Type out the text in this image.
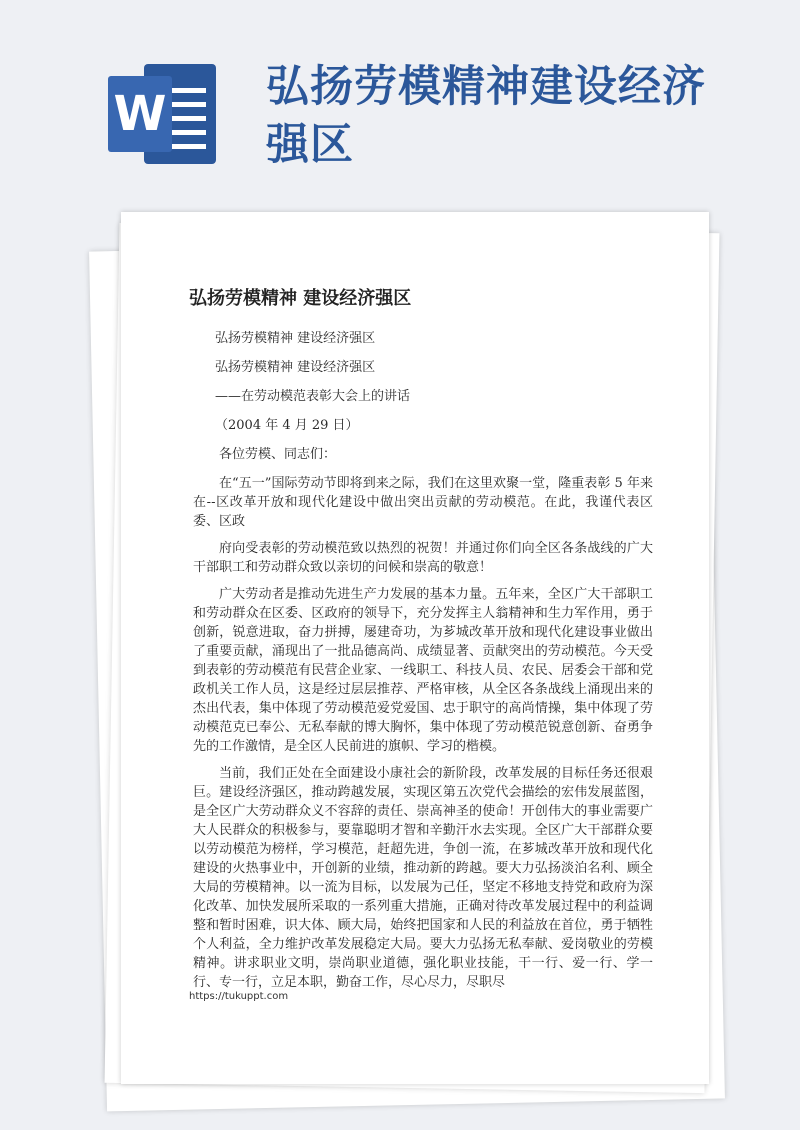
W 弘扬劳模精神建设经济强区
弘扬劳模精神 建设经济强区

弘扬劳模精神 建设经济强区

弘扬劳模精神 建设经济强区

——在劳动模范表彰大会上的讲话

（2004 年 4 月 29 日）

各位劳模、同志们：

在“五一”国际劳动节即将到来之际，我们在这里欢聚一堂，隆重表彰 5 年来在--区改革开放和现代化建设中做出突出贡献的劳动模范。在此，我谨代表区委、区政

府向受表彰的劳动模范致以热烈的祝贺！并通过你们向全区各条战线的广大干部职工和劳动群众致以亲切的问候和崇高的敬意！

广大劳动者是推动先进生产力发展的基本力量。五年来，全区广大干部职工和劳动群众在区委、区政府的领导下，充分发挥主人翁精神和生力军作用，勇于创新，锐意进取，奋力拼搏，屡建奇功，为芗城改革开放和现代化建设事业做出了重要贡献，涌现出了一批品德高尚、成绩显著、贡献突出的劳动模范。今天受到表彰的劳动模范有民营企业家、一线职工、科技人员、农民、居委会干部和党政机关工作人员，这是经过层层推荐、严格审核，从全区各条战线上涌现出来的杰出代表，集中体现了劳动模范爱党爱国、忠于职守的高尚情操，集中体现了劳动模范克已奉公、无私奉献的博大胸怀，集中体现了劳动模范锐意创新、奋勇争先的工作激情，是全区人民前进的旗帜、学习的楷模。

当前，我们正处在全面建设小康社会的新阶段，改革发展的目标任务还很艰巨。建设经济强区，推动跨越发展，实现区第五次党代会描绘的宏伟发展蓝图，是全区广大劳动群众义不容辞的责任、崇高神圣的使命！开创伟大的事业需要广大人民群众的积极参与，要靠聪明才智和辛勤汗水去实现。全区广大干部群众要以劳动模范为榜样，学习模范，赶超先进，争创一流，在芗城改革开放和现代化建设的火热事业中，开创新的业绩，推动新的跨越。要大力弘扬淡泊名利、顾全大局的劳模精神。以一流为目标，以发展为己任，坚定不移地支持党和政府为深化改革、加快发展所采取的一系列重大措施，正确对待改革发展过程中的利益调整和暂时困难，识大体、顾大局，始终把国家和人民的利益放在首位，勇于牺牲个人利益，全力维护改革发展稳定大局。要大力弘扬无私奉献、爱岗敬业的劳模精神。讲求职业文明，崇尚职业道德，强化职业技能，干一行、爱一行、学一行、专一行，立足本职，勤奋工作，尽心尽力，尽职尽

https://tukuppt.com
